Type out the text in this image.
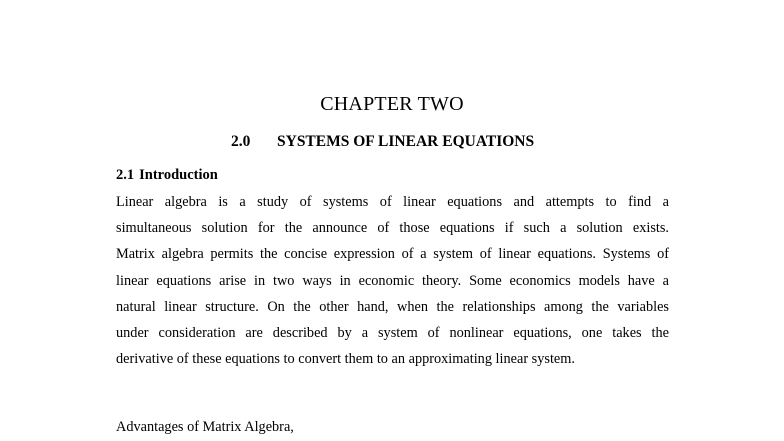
CHAPTER TWO
2.0 SYSTEMS OF LINEAR EQUATIONS
2.1 Introduction
Linear algebra is a study of systems of linear equations and attempts to find a
simultaneous solution for the announce of those equations if such a solution exists.
Matrix algebra permits the concise expression of a system of linear equations. Systems of
linear equations arise in two ways in economic theory. Some economics models have a
natural linear structure. On the other hand, when the relationships among the variables
under consideration are described by a system of nonlinear equations, one takes the
derivative of these equations to convert them to an approximating linear system.
Advantages of Matrix Algebra,
